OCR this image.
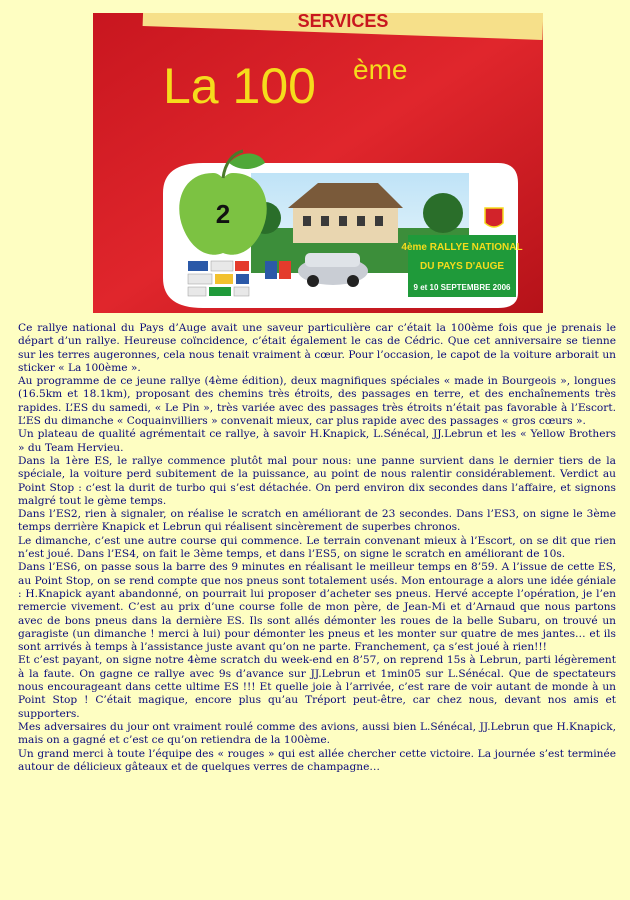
SERVICES
La 100 ème
2
4ème RALLYE NATIONAL
DU PAYS D'AUGE
9 et 10 SEPTEMBRE 2006

Ce rallye national du Pays d’Auge avait une saveur particulière car c’était la 100ème fois que je prenais le départ d’un rallye. Heureuse coïncidence, c’était également le cas de Cédric. Que cet anniversaire se tienne sur les terres augeronnes, cela nous tenait vraiment à cœur. Pour l’occasion, le capot de la voiture arborait un sticker « La 100ème ».

Au programme de ce jeune rallye (4ème édition), deux magnifiques spéciales « made in Bourgeois », longues (16.5km et 18.1km), proposant des chemins très étroits, des passages en terre, et des enchaînements très rapides. L’ES du samedi, « Le Pin », très variée avec des passages très étroits n’était pas favorable à l’Escort. L’ES du dimanche « Coquainvilliers » convenait mieux, car plus rapide avec des passages « gros cœurs ».

Un plateau de qualité agrémentait ce rallye, à savoir H.Knapick, L.Sénécal, JJ.Lebrun et les « Yellow Brothers » du Team Hervieu.

Dans la 1ère ES, le rallye commence plutôt mal pour nous: une panne survient dans le dernier tiers de la spéciale, la voiture perd subitement de la puissance, au point de nous ralentir considérablement. Verdict au Point Stop : c’est la durit de turbo qui s’est détachée. On perd environ dix secondes dans l’affaire, et signons malgré tout le gème temps.

Dans l’ES2, rien à signaler, on réalise le scratch en améliorant de 23 secondes. Dans l’ES3, on signe le 3ème temps derrière Knapick et Lebrun qui réalisent sincèrement de superbes chronos.

Le dimanche, c’est une autre course qui commence. Le terrain convenant mieux à l’Escort, on se dit que rien n’est joué. Dans l’ES4, on fait le 3ème temps, et dans l’ES5, on signe le scratch en améliorant de 10s.

Dans l’ES6, on passe sous la barre des 9 minutes en réalisant le meilleur temps en 8’59. A l’issue de cette ES, au Point Stop, on se rend compte que nos pneus sont totalement usés. Mon entourage a alors une idée géniale : H.Knapick ayant abandonné, on pourrait lui proposer d’acheter ses pneus. Hervé accepte l’opération, je l’en remercie vivement. C’est au prix d’une course folle de mon père, de Jean-Mi et d’Arnaud que nous partons avec de bons pneus dans la dernière ES. Ils sont allés démonter les roues de la belle Subaru, on trouvé un garagiste (un dimanche ! merci à lui) pour démonter les pneus et les monter sur quatre de mes jantes… et ils sont arrivés à temps à l’assistance juste avant qu’on ne parte. Franchement, ça s’est joué à rien!!!

Et c’est payant, on signe notre 4ème scratch du week-end en 8’57, on reprend 15s à Lebrun, parti légèrement à la faute. On gagne ce rallye avec 9s d’avance sur JJ.Lebrun et 1min05 sur L.Sénécal. Que de spectateurs nous encourageant dans cette ultime ES !!! Et quelle joie à l’arrivée, c’est rare de voir autant de monde à un Point Stop ! C’était magique, encore plus qu’au Tréport peut-être, car chez nous, devant nos amis et supporters.

Mes adversaires du jour ont vraiment roulé comme des avions, aussi bien L.Sénécal, JJ.Lebrun que H.Knapick, mais on a gagné et c’est ce qu’on retiendra de la 100ème.

Un grand merci à toute l’équipe des « rouges » qui est allée chercher cette victoire. La journée s’est terminée autour de délicieux gâteaux et de quelques verres de champagne…
